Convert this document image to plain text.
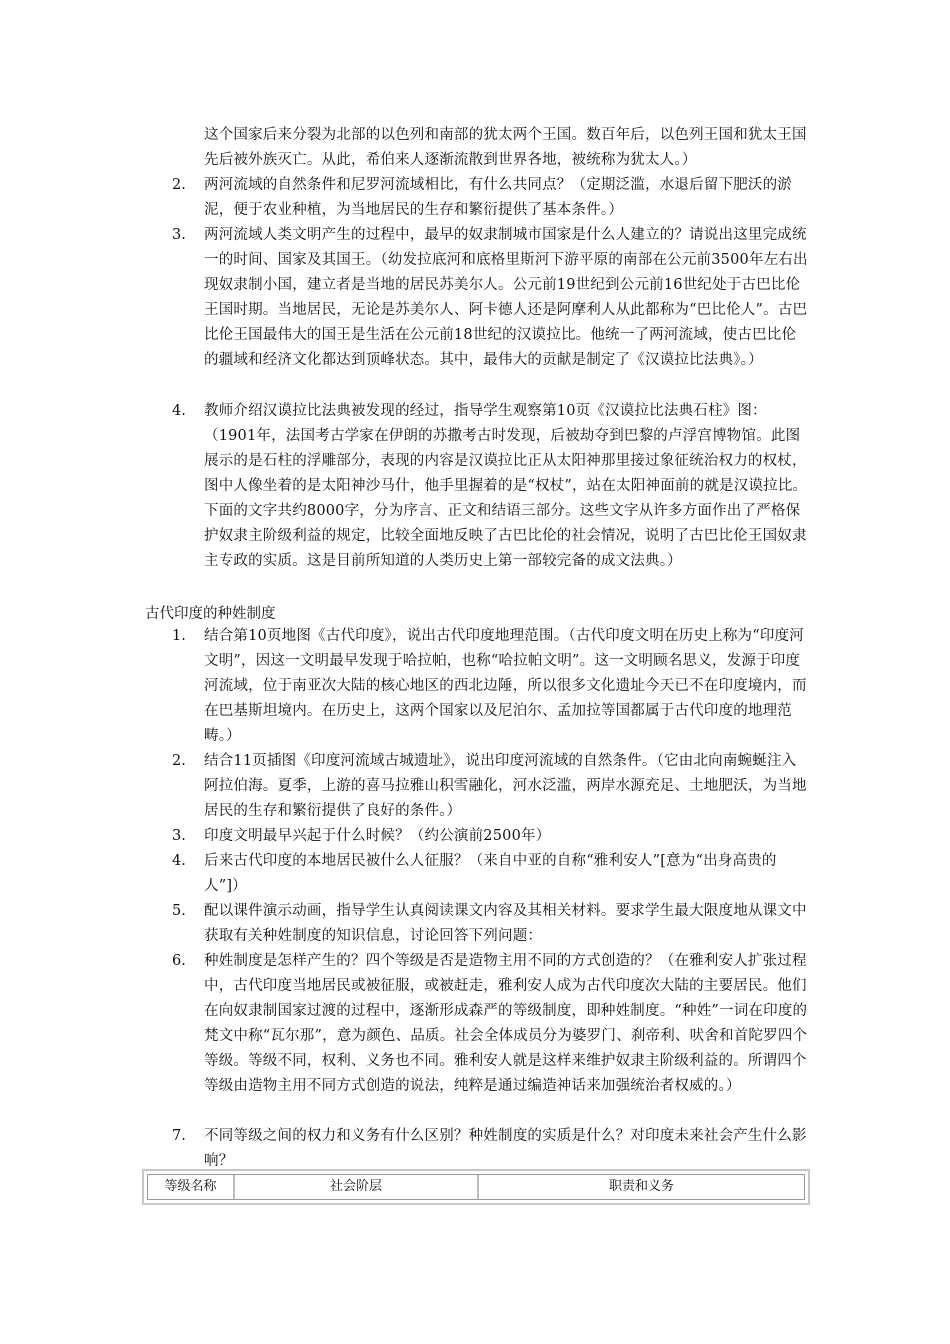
这个国家后来分裂为北部的以色列和南部的犹太两个王国。数百年后，以色列王国和犹太王国先后被外族灭亡。从此，希伯来人逐渐流散到世界各地，被统称为犹太人。）
2.	两河流域的自然条件和尼罗河流域相比，有什么共同点？（定期泛滥，水退后留下肥沃的淤泥，便于农业种植，为当地居民的生存和繁衍提供了基本条件。）
3.	两河流域人类文明产生的过程中，最早的奴隶制城市国家是什么人建立的？请说出这里完成统一的时间、国家及其国王。（幼发拉底河和底格里斯河下游平原的南部在公元前3500年左右出现奴隶制小国，建立者是当地的居民苏美尔人。公元前19世纪到公元前16世纪处于古巴比伦王国时期。当地居民，无论是苏美尔人、阿卡德人还是阿摩利人从此都称为“巴比伦人”。古巴比伦王国最伟大的国王是生活在公元前18世纪的汉谟拉比。他统一了两河流域，使古巴比伦的疆域和经济文化都达到顶峰状态。其中，最伟大的贡献是制定了《汉谟拉比法典》。）
4.	教师介绍汉谟拉比法典被发现的经过，指导学生观察第10页《汉谟拉比法典石柱》图：（1901年，法国考古学家在伊朗的苏撒考古时发现，后被劫夺到巴黎的卢浮宫博物馆。此图展示的是石柱的浮雕部分，表现的内容是汉谟拉比正从太阳神那里接过象征统治权力的权杖，图中人像坐着的是太阳神沙马什，他手里握着的是“权杖”，站在太阳神面前的就是汉谟拉比。下面的文字共约8000字，分为序言、正文和结语三部分。这些文字从许多方面作出了严格保护奴隶主阶级利益的规定，比较全面地反映了古巴比伦的社会情况，说明了古巴比伦王国奴隶主专政的实质。这是目前所知道的人类历史上第一部较完备的成文法典。）
古代印度的种姓制度
1.	结合第10页地图《古代印度》，说出古代印度地理范围。（古代印度文明在历史上称为“印度河文明”，因这一文明最早发现于哈拉帕，也称“哈拉帕文明”。这一文明顾名思义，发源于印度河流域，位于南亚次大陆的核心地区的西北边陲，所以很多文化遗址今天已不在印度境内，而在巴基斯坦境内。在历史上，这两个国家以及尼泊尔、孟加拉等国都属于古代印度的地理范畴。）
2.	结合11页插图《印度河流域古城遗址》，说出印度河流域的自然条件。（它由北向南蜿蜒注入阿拉伯海。夏季，上游的喜马拉雅山积雪融化，河水泛滥，两岸水源充足、土地肥沃，为当地居民的生存和繁衍提供了良好的条件。）
3.	印度文明最早兴起于什么时候？（约公演前2500年）
4.	后来古代印度的本地居民被什么人征服？（来自中亚的自称“雅利安人”[意为“出身高贵的人”]）
5.	配以课件演示动画，指导学生认真阅读课文内容及其相关材料。要求学生最大限度地从课文中获取有关种姓制度的知识信息，讨论回答下列问题：
6.	种姓制度是怎样产生的？四个等级是否是造物主用不同的方式创造的？（在雅利安人扩张过程中，古代印度当地居民或被征服，或被赶走，雅利安人成为古代印度次大陆的主要居民。他们在向奴隶制国家过渡的过程中，逐渐形成森严的等级制度，即种姓制度。“种姓”一词在印度的梵文中称“瓦尔那”，意为颜色、品质。社会全体成员分为婆罗门、刹帝利、吠舍和首陀罗四个等级。等级不同，权利、义务也不同。雅利安人就是这样来维护奴隶主阶级利益的。所谓四个等级由造物主用不同方式创造的说法，纯粹是通过编造神话来加强统治者权威的。）
7.	不同等级之间的权力和义务有什么区别？种姓制度的实质是什么？对印度未来社会产生什么影响？
等级名称	社会阶层	职责和义务
